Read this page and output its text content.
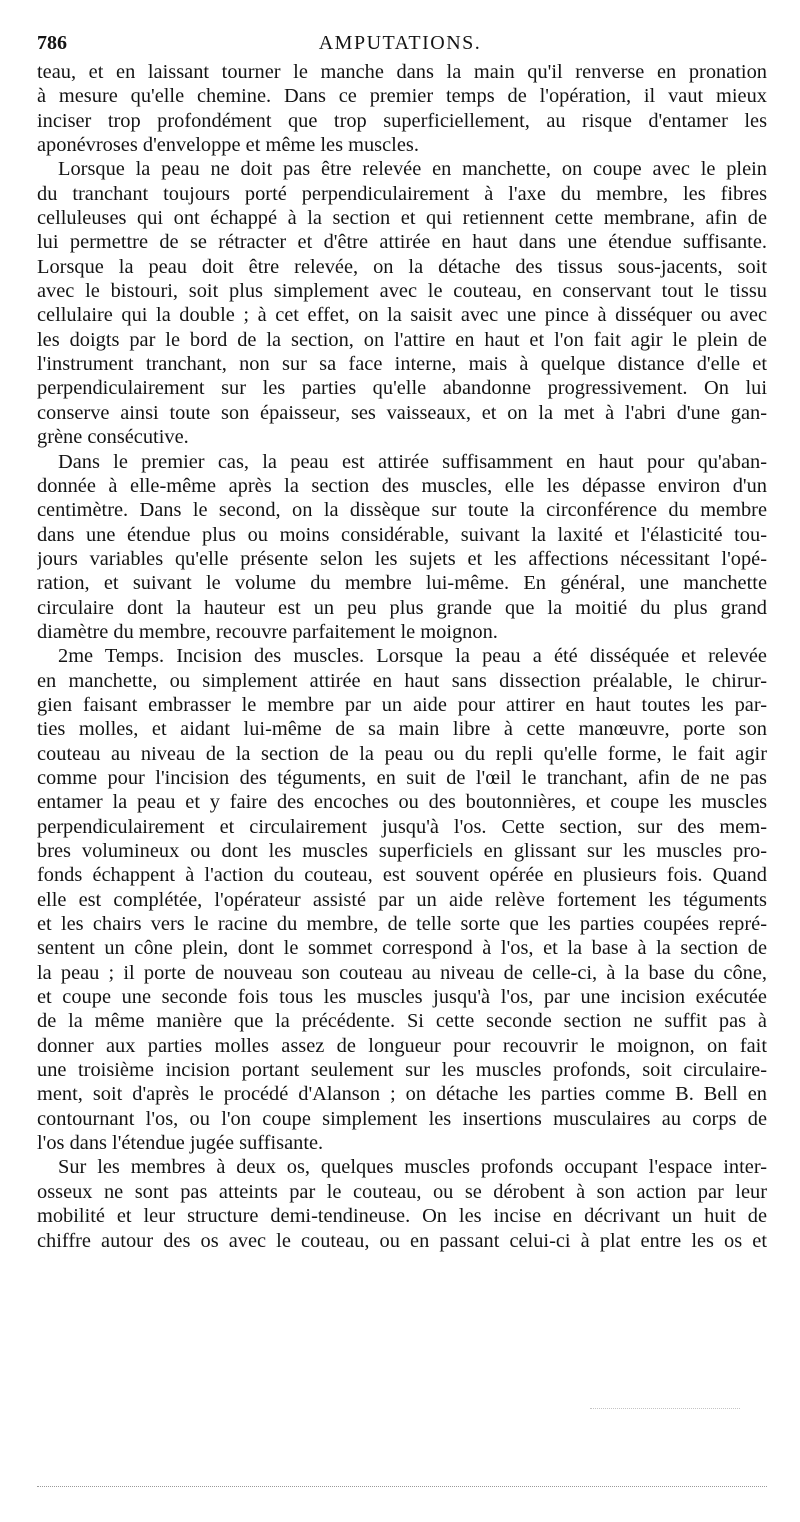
786	AMPUTATIONS.
teau, et en laissant tourner le manche dans la main qu'il renverse en pronation
à mesure qu'elle chemine. Dans ce premier temps de l'opération, il vaut mieux
inciser trop profondément que trop superficiellement, au risque d'entamer les
aponévroses d'enveloppe et même les muscles.
Lorsque la peau ne doit pas être relevée en manchette, on coupe avec le plein
du tranchant toujours porté perpendiculairement à l'axe du membre, les fibres
celluleuses qui ont échappé à la section et qui retiennent cette membrane, afin de
lui permettre de se rétracter et d'être attirée en haut dans une étendue suffisante.
Lorsque la peau doit être relevée, on la détache des tissus sous-jacents, soit
avec le bistouri, soit plus simplement avec le couteau, en conservant tout le tissu
cellulaire qui la double ; à cet effet, on la saisit avec une pince à disséquer ou avec
les doigts par le bord de la section, on l'attire en haut et l'on fait agir le plein de
l'instrument tranchant, non sur sa face interne, mais à quelque distance d'elle et
perpendiculairement sur les parties qu'elle abandonne progressivement. On lui
conserve ainsi toute son épaisseur, ses vaisseaux, et on la met à l'abri d'une gan-
grène consécutive.
Dans le premier cas, la peau est attirée suffisamment en haut pour qu'aban-
donnée à elle-même après la section des muscles, elle les dépasse environ d'un
centimètre. Dans le second, on la dissèque sur toute la circonférence du membre
dans une étendue plus ou moins considérable, suivant la laxité et l'élasticité tou-
jours variables qu'elle présente selon les sujets et les affections nécessitant l'opé-
ration, et suivant le volume du membre lui-même. En général, une manchette
circulaire dont la hauteur est un peu plus grande que la moitié du plus grand
diamètre du membre, recouvre parfaitement le moignon.
2me Temps. Incision des muscles. Lorsque la peau a été disséquée et relevée
en manchette, ou simplement attirée en haut sans dissection préalable, le chirur-
gien faisant embrasser le membre par un aide pour attirer en haut toutes les par-
ties molles, et aidant lui-même de sa main libre à cette manœuvre, porte son
couteau au niveau de la section de la peau ou du repli qu'elle forme, le fait agir
comme pour l'incision des téguments, en suit de l'œil le tranchant, afin de ne pas
entamer la peau et y faire des encoches ou des boutonnières, et coupe les muscles
perpendiculairement et circulairement jusqu'à l'os. Cette section, sur des mem-
bres volumineux ou dont les muscles superficiels en glissant sur les muscles pro-
fonds échappent à l'action du couteau, est souvent opérée en plusieurs fois. Quand
elle est complétée, l'opérateur assisté par un aide relève fortement les téguments
et les chairs vers le racine du membre, de telle sorte que les parties coupées repré-
sentent un cône plein, dont le sommet correspond à l'os, et la base à la section de
la peau ; il porte de nouveau son couteau au niveau de celle-ci, à la base du cône,
et coupe une seconde fois tous les muscles jusqu'à l'os, par une incision exécutée
de la même manière que la précédente. Si cette seconde section ne suffit pas à
donner aux parties molles assez de longueur pour recouvrir le moignon, on fait
une troisième incision portant seulement sur les muscles profonds, soit circulaire-
ment, soit d'après le procédé d'Alanson ; on détache les parties comme B. Bell en
contournant l'os, ou l'on coupe simplement les insertions musculaires au corps de
l'os dans l'étendue jugée suffisante.
Sur les membres à deux os, quelques muscles profonds occupant l'espace inter-
osseux ne sont pas atteints par le couteau, ou se dérobent à son action par leur
mobilité et leur structure demi-tendineuse. On les incise en décrivant un huit de
chiffre autour des os avec le couteau, ou en passant celui-ci à plat entre les os et
